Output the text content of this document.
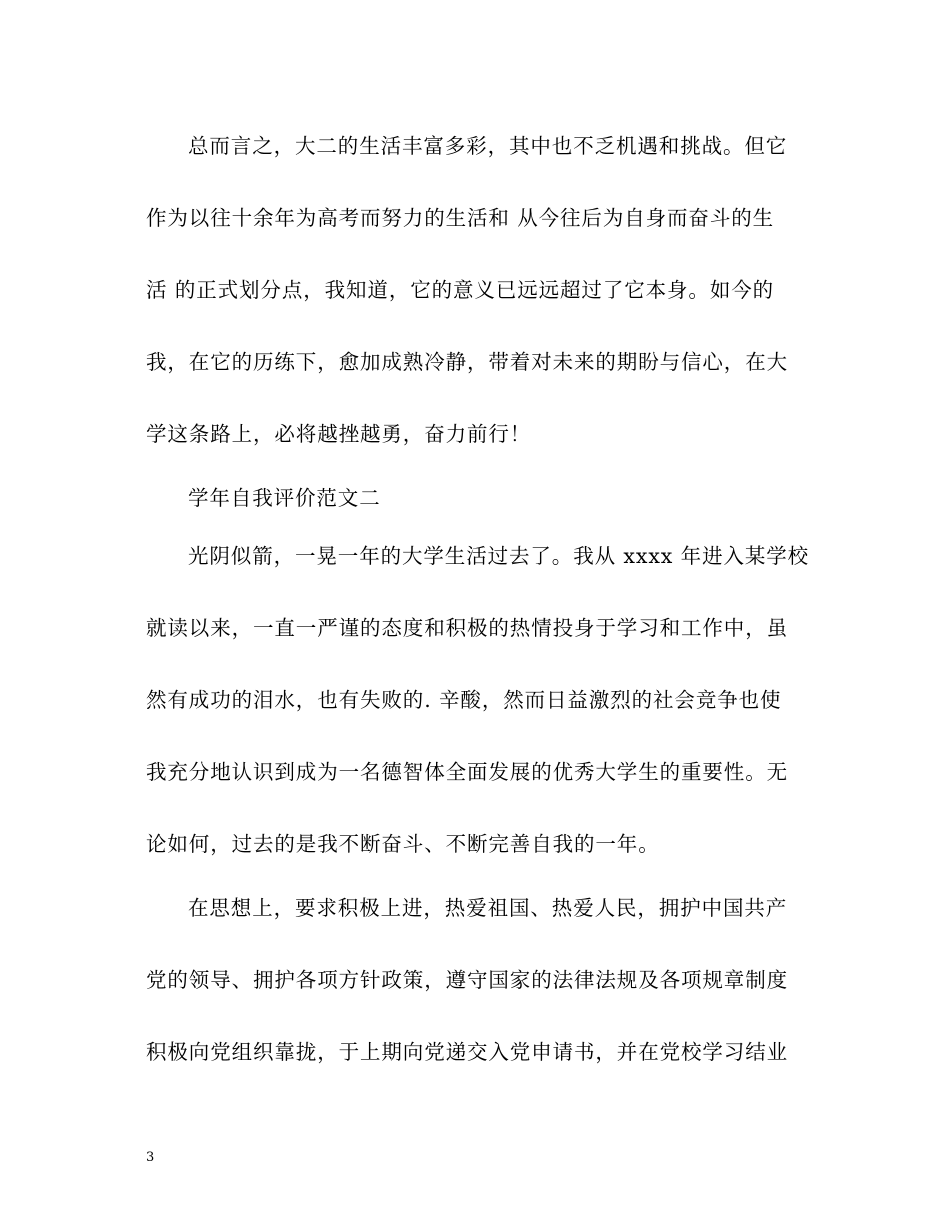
总而言之，大二的生活丰富多彩，其中也不乏机遇和挑战。但它
作为以往十余年为高考而努力的生活和 从今往后为自身而奋斗的生
活 的正式划分点，我知道，它的意义已远远超过了它本身。如今的
我，在它的历练下，愈加成熟冷静，带着对未来的期盼与信心，在大
学这条路上，必将越挫越勇，奋力前行！
学年自我评价范文二
光阴似箭，一晃一年的大学生活过去了。我从 xxxx 年进入某学校
就读以来，一直一严谨的态度和积极的热情投身于学习和工作中，虽
然有成功的泪水，也有失败的. 辛酸，然而日益激烈的社会竞争也使
我充分地认识到成为一名德智体全面发展的优秀大学生的重要性。无
论如何，过去的是我不断奋斗、不断完善自我的一年。
在思想上，要求积极上进，热爱祖国、热爱人民，拥护中国共产
党的领导、拥护各项方针政策，遵守国家的法律法规及各项规章制度
积极向党组织靠拢，于上期向党递交入党申请书，并在党校学习结业
3
